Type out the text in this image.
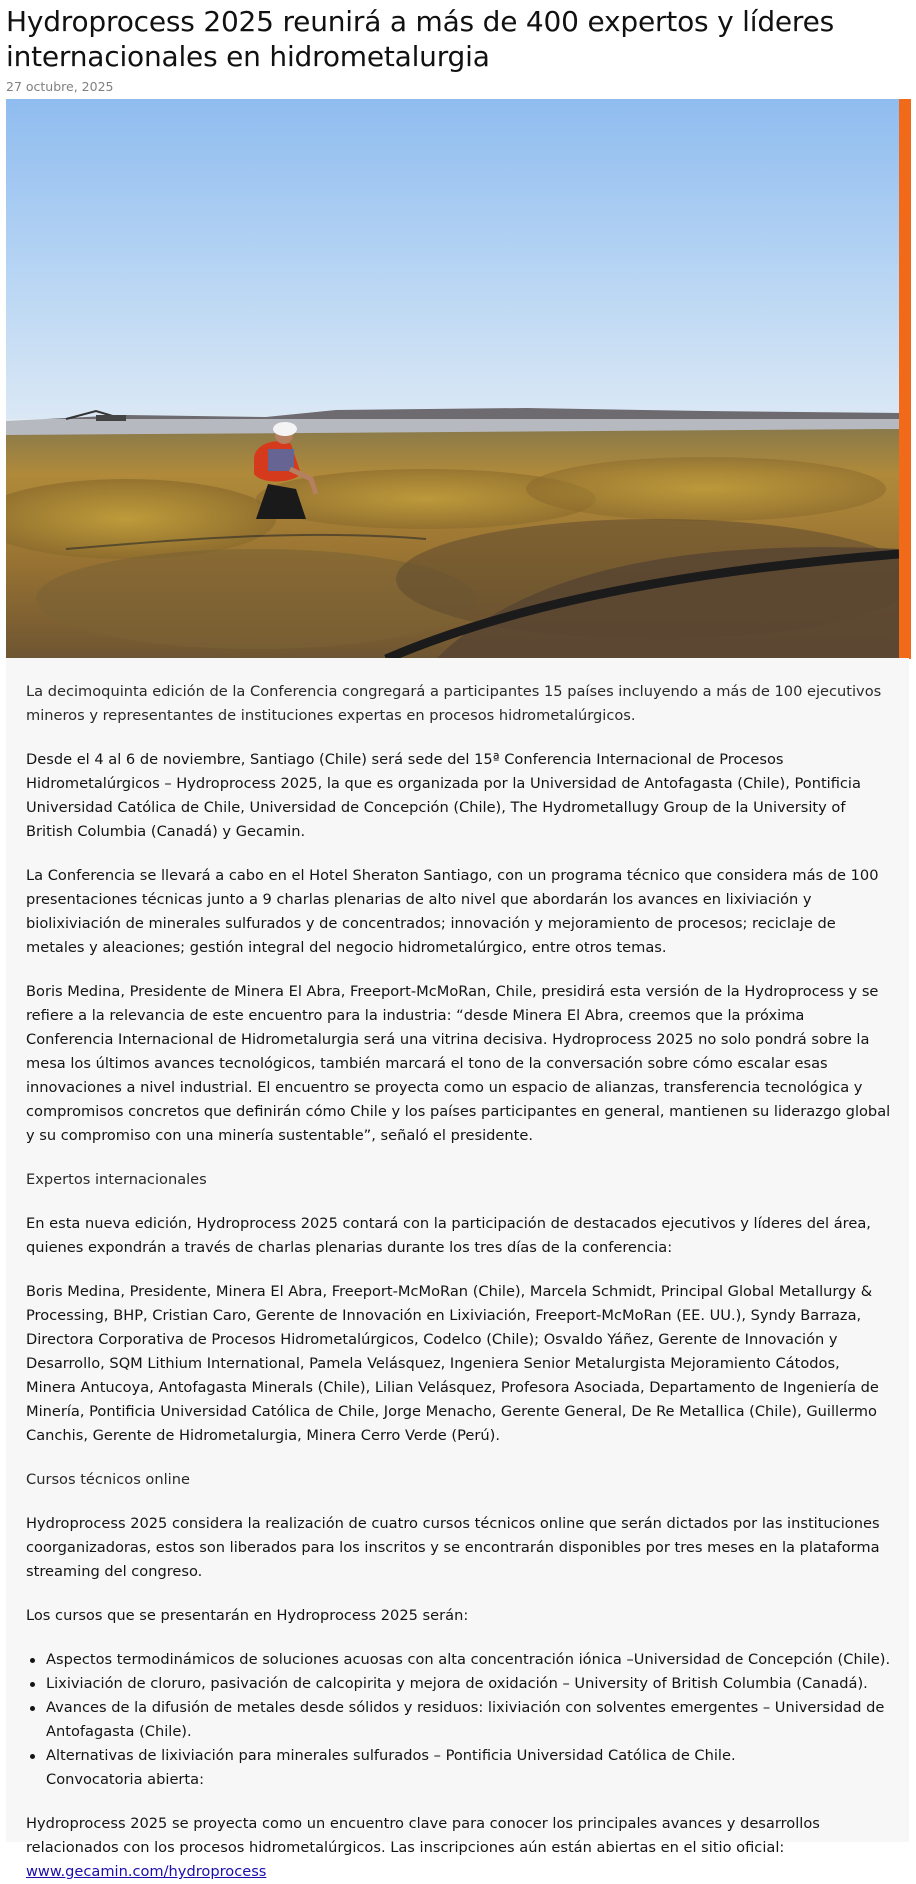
Hydroprocess 2025 reunirá a más de 400 expertos y líderes internacionales en hidrometalurgia
27 octubre, 2025

La decimoquinta edición de la Conferencia congregará a participantes 15 países incluyendo a más de 100 ejecutivos mineros y representantes de instituciones expertas en procesos hidrometalúrgicos.

Desde el 4 al 6 de noviembre, Santiago (Chile) será sede del 15ª Conferencia Internacional de Procesos Hidrometalúrgicos – Hydroprocess 2025, la que es organizada por la Universidad de Antofagasta (Chile), Pontificia Universidad Católica de Chile, Universidad de Concepción (Chile), The Hydrometallugy Group de la University of British Columbia (Canadá) y Gecamin.

La Conferencia se llevará a cabo en el Hotel Sheraton Santiago, con un programa técnico que considera más de 100 presentaciones técnicas junto a 9 charlas plenarias de alto nivel que abordarán los avances en lixiviación y biolixiviación de minerales sulfurados y de concentrados; innovación y mejoramiento de procesos; reciclaje de metales y aleaciones; gestión integral del negocio hidrometalúrgico, entre otros temas.

Boris Medina, Presidente de Minera El Abra, Freeport-McMoRan, Chile, presidirá esta versión de la Hydroprocess y se refiere a la relevancia de este encuentro para la industria: “desde Minera El Abra, creemos que la próxima Conferencia Internacional de Hidrometalurgia será una vitrina decisiva. Hydroprocess 2025 no solo pondrá sobre la mesa los últimos avances tecnológicos, también marcará el tono de la conversación sobre cómo escalar esas innovaciones a nivel industrial. El encuentro se proyecta como un espacio de alianzas, transferencia tecnológica y compromisos concretos que definirán cómo Chile y los países participantes en general, mantienen su liderazgo global y su compromiso con una minería sustentable”, señaló el presidente.

Expertos internacionales

En esta nueva edición, Hydroprocess 2025 contará con la participación de destacados ejecutivos y líderes del área, quienes expondrán a través de charlas plenarias durante los tres días de la conferencia:

Boris Medina, Presidente, Minera El Abra, Freeport-McMoRan (Chile), Marcela Schmidt, Principal Global Metallurgy & Processing, BHP, Cristian Caro, Gerente de Innovación en Lixiviación, Freeport-McMoRan (EE. UU.), Syndy Barraza, Directora Corporativa de Procesos Hidrometalúrgicos, Codelco (Chile); Osvaldo Yáñez, Gerente de Innovación y Desarrollo, SQM Lithium International, Pamela Velásquez, Ingeniera Senior Metalurgista Mejoramiento Cátodos, Minera Antucoya, Antofagasta Minerals (Chile), Lilian Velásquez, Profesora Asociada, Departamento de Ingeniería de Minería, Pontificia Universidad Católica de Chile, Jorge Menacho, Gerente General, De Re Metallica (Chile), Guillermo Canchis, Gerente de Hidrometalurgia, Minera Cerro Verde (Perú).

Cursos técnicos online

Hydroprocess 2025 considera la realización de cuatro cursos técnicos online que serán dictados por las instituciones coorganizadoras, estos son liberados para los inscritos y se encontrarán disponibles por tres meses en la plataforma streaming del congreso.

Los cursos que se presentarán en Hydroprocess 2025 serán:

Aspectos termodinámicos de soluciones acuosas con alta concentración iónica –Universidad de Concepción (Chile).
Lixiviación de cloruro, pasivación de calcopirita y mejora de oxidación – University of British Columbia (Canadá).
Avances de la difusión de metales desde sólidos y residuos: lixiviación con solventes emergentes – Universidad de Antofagasta (Chile).
Alternativas de lixiviación para minerales sulfurados – Pontificia Universidad Católica de Chile.
Convocatoria abierta:

Hydroprocess 2025 se proyecta como un encuentro clave para conocer los principales avances y desarrollos relacionados con los procesos hidrometalúrgicos. Las inscripciones aún están abiertas en el sitio oficial: www.gecamin.com/hydroprocess
